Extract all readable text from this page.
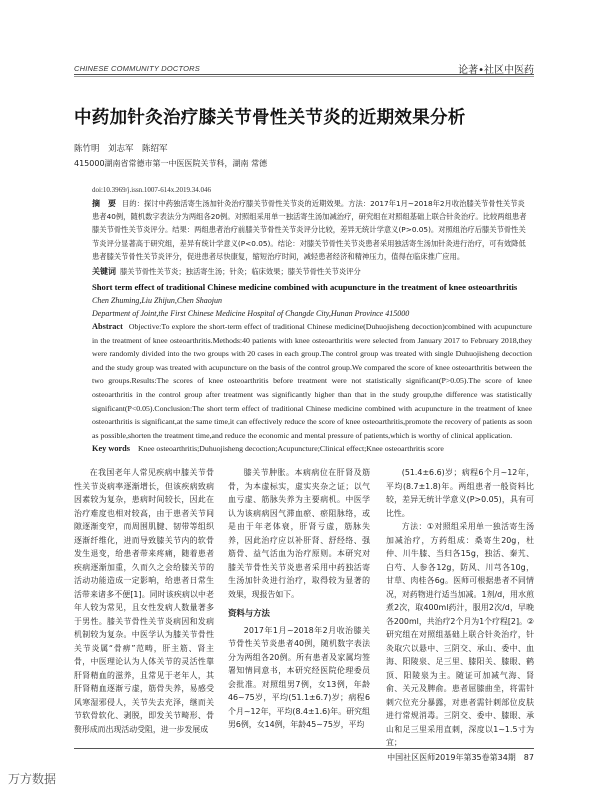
CHINESE COMMUNITY DOCTORS	论著•社区中医药
中药加针灸治疗膝关节骨性关节炎的近期效果分析
陈竹明　刘志军　陈绍军
415000湖南省常德市第一中医医院关节科，湖南 常德
doi:10.3969/j.issn.1007-614x.2019.34.046
摘　要 目的：探讨中药独活寄生汤加针灸治疗膝关节骨性关节炎的近期效果。方法：2017年1月~2018年2月收治膝关节骨性关节炎患者40例，随机数字表法分为两组各20例。对照组采用单一独活寄生汤加减治疗，研究组在对照组基础上联合针灸治疗。比较两组患者膝关节骨性关节炎评分。结果：两组患者治疗前膝关节骨性关节炎评分比较，差异无统计学意义(P>0.05)。对照组治疗后膝关节骨性关节炎评分显著高于研究组，差异有统计学意义(P<0.05)。结论：对膝关节骨性关节炎患者采用独活寄生汤加针灸进行治疗，可有效降低患者膝关节骨性关节炎评分，促进患者尽快康复，缩短治疗时间，减轻患者经济和精神压力，值得在临床推广应用。
关键词 膝关节骨性关节炎；独活寄生汤；针灸；临床效果；膝关节骨性关节炎评分
Short term effect of traditional Chinese medicine combined with acupuncture in the treatment of knee osteoarthritis
Chen Zhuming,Liu Zhijun,Chen Shaojun
Department of Joint,the First Chinese Medicine Hospital of Changde City,Hunan Province 415000
Abstract Objective:To explore the short-term effect of traditional Chinese medicine(Duhuojisheng decoction)combined with acupuncture in the treatment of knee osteoarthritis.Methods:40 patients with knee osteoarthritis were selected from January 2017 to February 2018,they were randomly divided into the two groups with 20 cases in each group.The control group was treated with single Duhuojisheng decoction and the study group was treated with acupuncture on the basis of the control group.We compared the score of knee osteoarthritis between the two groups.Results:The scores of knee osteoarthritis before treatment were not statistically significant(P>0.05).The score of knee osteoarthritis in the control group after treatment was significantly higher than that in the study group,the difference was statistically significant(P<0.05).Conclusion:The short term effect of traditional Chinese medicine combined with acupuncture in the treatment of knee osteoarthritis is significant,at the same time,it can effectively reduce the score of knee osteoarthritis,promote the recovery of patients as soon as possible,shorten the treatment time,and reduce the economic and mental pressure of patients,which is worthy of clinical application.
Key words Knee osteoarthritis;Duhuojisheng decoction;Acupuncture;Clinical effect;Knee osteoarthritis score

在我国老年人常见疾病中膝关节骨性关节炎病率逐渐增长，但该疾病致病因素较为复杂，患病时间较长，因此在治疗难度也相对较高，由于患者关节间隙逐渐变窄，而周围肌腱、韧带等组织逐渐纤维化，进而导致膝关节内的软骨发生退变，给患者带来疼痛，随着患者疾病逐渐加重，久而久之会给膝关节的活动功能造成一定影响，给患者日常生活带来诸多不便[1]。同时该疾病以中老年人较为常见，且女性发病人数量著多于男性。膝关节骨性关节炎病因和发病机制较为复杂。中医学认为膝关节骨性关节炎属“骨痹”范畴，肝主筋、肾主骨，中医理论认为人体关节的灵活性靠肝肾精血的滋养，且常见于老年人，其肝肾精血逐渐亏虚，筋骨失养，易感受风寒湿邪侵人，关节失去充泽，继而关节软骨软化、剥脱，即发关节畸形、骨赘形成而出现活动受阻，进一步发展成

膝关节肿胀。本病病位在肝肾及筋骨，为本虚标实，虚实夹杂之证；以气血亏虚、筋脉失养为主要病机。中医学认为该病病因气滞血瘀、瘀阻脉络，或是由于年老体衰，肝肾亏虚，筋脉失养，因此治疗应以补肝肾、舒经络、强筋骨、益气活血为治疗原则。本研究对膝关节骨性关节炎患者采用中药独活寄生汤加针灸进行治疗，取得较为显著的效果，现报告如下。

资料与方法

2017年1月~2018年2月收治膝关节骨性关节炎患者40例，随机数字表法分为两组各20例。所有患者及家属均签署知情同意书，本研究经医院伦理委员会批准。对照组男7例，女13例，年龄46~75岁，平均(51.1±6.7)岁；病程6个月~12年，平均(8.4±1.6)年。研究组男6例，女14例，年龄45~75岁，平均

(51.4±6.6)岁；病程6个月~12年，平均(8.7±1.8)年。两组患者一般资料比较，差异无统计学意义(P>0.05)，具有可比性。

方法：①对照组采用单一独活寄生汤加减治疗，方药组成：桑寄生20g，杜仲、川牛膝、当归各15g，独活、秦艽、白芍、人参各12g，防风、川芎各10g，甘草、肉桂各6g。医师可根据患者不同情况，对药物进行适当加减。1剂/d，用水煎煮2次，取400ml药汁，服用2次/d，早晚各200ml，共治疗2个月为1个疗程[2]。②研究组在对照组基础上联合针灸治疗，针灸取穴以悬中、三阴交、承山、委中、血海、阳陵泉、足三里、膝阳关、膝眼、鹤顶、阳陵泉为主。随证可加减气海、肾俞、关元及脾俞。患者屈膝曲坐，将需针刺穴位充分暴露，对患者需针刺部位皮肤进行常规消毒。三阴交、委中、膝眼、承山和足三里采用直刺，深度以1~1.5寸为宜；

中国社区医师2019年第35卷第34期　87
万方数据
